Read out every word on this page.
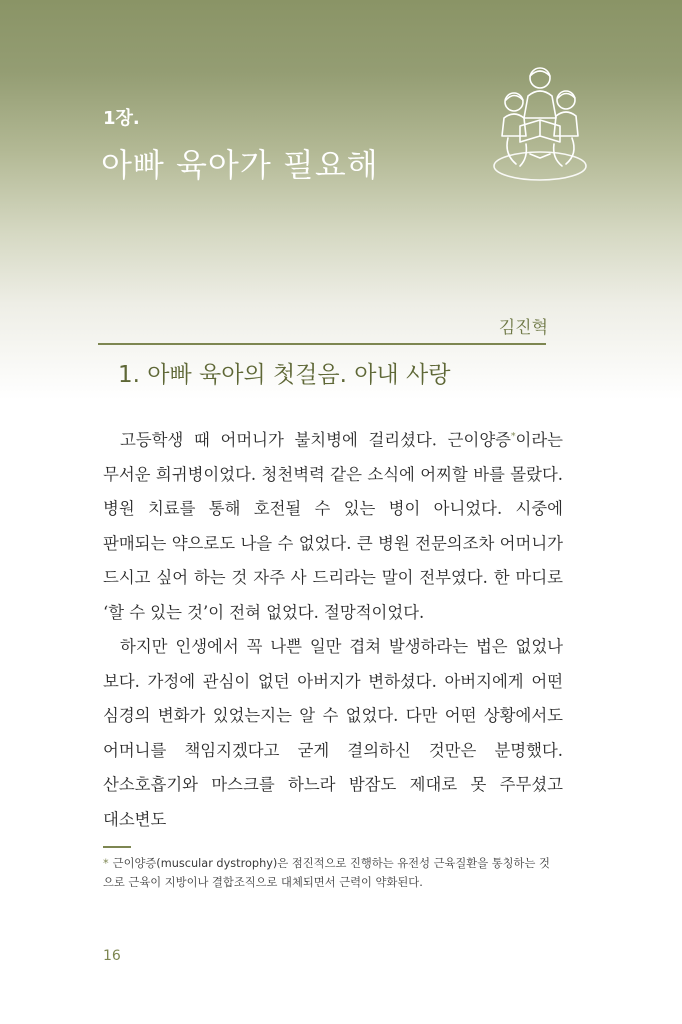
1장.
아빠 육아가 필요해
김진혁
1. 아빠 육아의 첫걸음. 아내 사랑

고등학생 때 어머니가 불치병에 걸리셨다. 근이양증*이라는 무서운 희귀병이었다. 청천벽력 같은 소식에 어찌할 바를 몰랐다. 병원 치료를 통해 호전될 수 있는 병이 아니었다. 시중에 판매되는 약으로도 나을 수 없었다. 큰 병원 전문의조차 어머니가 드시고 싶어 하는 것 자주 사 드리라는 말이 전부였다. 한 마디로 ‘할 수 있는 것’이 전혀 없었다. 절망적이었다.

하지만 인생에서 꼭 나쁜 일만 겹쳐 발생하라는 법은 없었나 보다. 가정에 관심이 없던 아버지가 변하셨다. 아버지에게 어떤 심경의 변화가 있었는지는 알 수 없었다. 다만 어떤 상황에서도 어머니를 책임지겠다고 굳게 결의하신 것만은 분명했다. 산소호흡기와 마스크를 하느라 밤잠도 제대로 못 주무셨고 대소변도

* 근이양증(muscular dystrophy)은 점진적으로 진행하는 유전성 근육질환을 통칭하는 것으로 근육이 지방이나 결합조직으로 대체되면서 근력이 약화된다.
16
